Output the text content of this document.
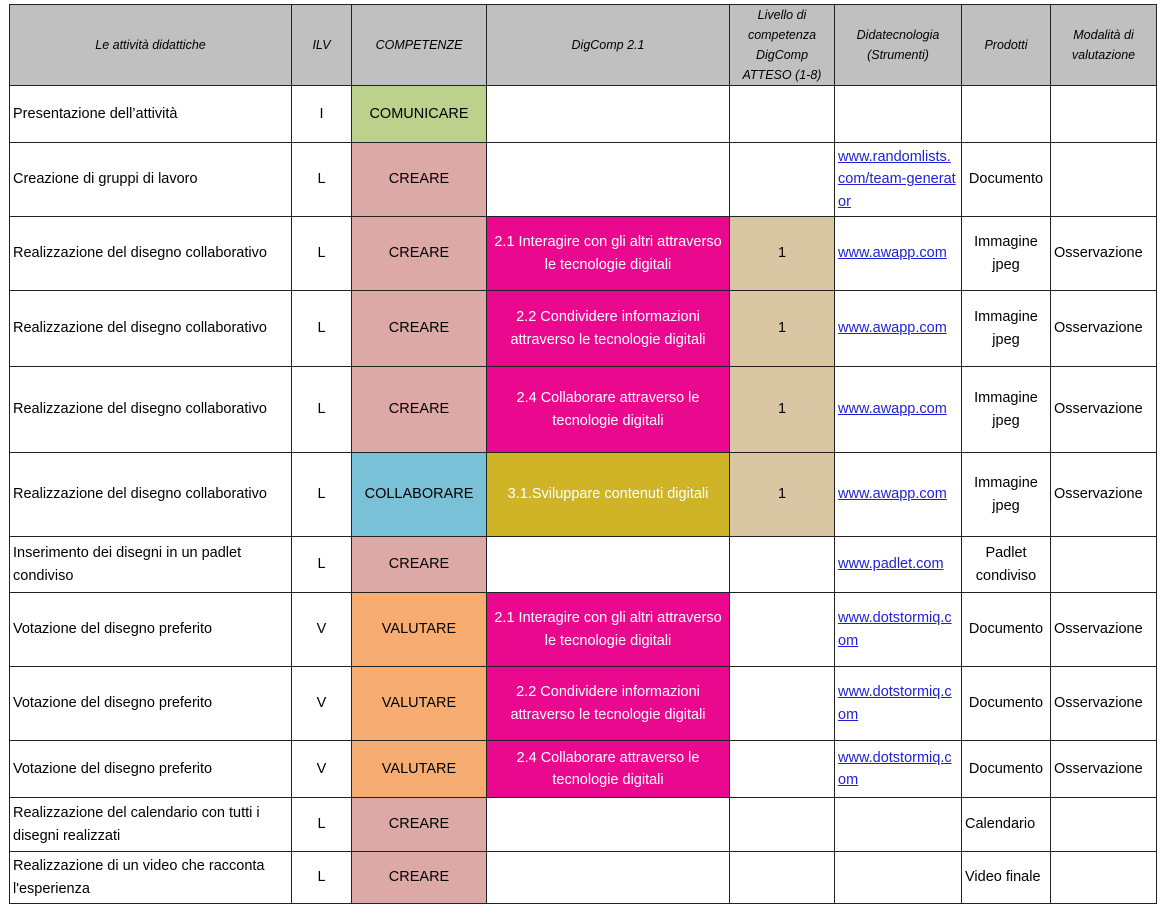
Le attività didattiche	ILV	COMPETENZE	DigComp 2.1	Livello di competenza DigComp ATTESO (1-8)	Didatecnologia (Strumenti)	Prodotti	Modalità di valutazione
Presentazione dell’attività	I	COMUNICARE					
Creazione di gruppi di lavoro	L	CREARE			www.randomlists.com/team-generator	Documento	
Realizzazione del disegno collaborativo	L	CREARE	2.1 Interagire con gli altri attraverso le tecnologie digitali	1	www.awapp.com	Immagine jpeg	Osservazione
Realizzazione del disegno collaborativo	L	CREARE	2.2 Condividere informazioni attraverso le tecnologie digitali	1	www.awapp.com	Immagine jpeg	Osservazione
Realizzazione del disegno collaborativo	L	CREARE	2.4 Collaborare attraverso le tecnologie digitali	1	www.awapp.com	Immagine jpeg	Osservazione
Realizzazione del disegno collaborativo	L	COLLABORARE	3.1.Sviluppare contenuti digitali	1	www.awapp.com	Immagine jpeg	Osservazione
Inserimento dei disegni in un padlet condiviso	L	CREARE			www.padlet.com	Padlet condiviso	
Votazione del disegno preferito	V	VALUTARE	2.1 Interagire con gli altri attraverso le tecnologie digitali		www.dotstormiq.com	Documento	Osservazione
Votazione del disegno preferito	V	VALUTARE	2.2 Condividere informazioni attraverso le tecnologie digitali		www.dotstormiq.com	Documento	Osservazione
Votazione del disegno preferito	V	VALUTARE	2.4 Collaborare attraverso le tecnologie digitali		www.dotstormiq.com	Documento	Osservazione
Realizzazione del calendario con tutti i disegni realizzati	L	CREARE				Calendario	
Realizzazione di un video che racconta l'esperienza	L	CREARE				Video finale	
